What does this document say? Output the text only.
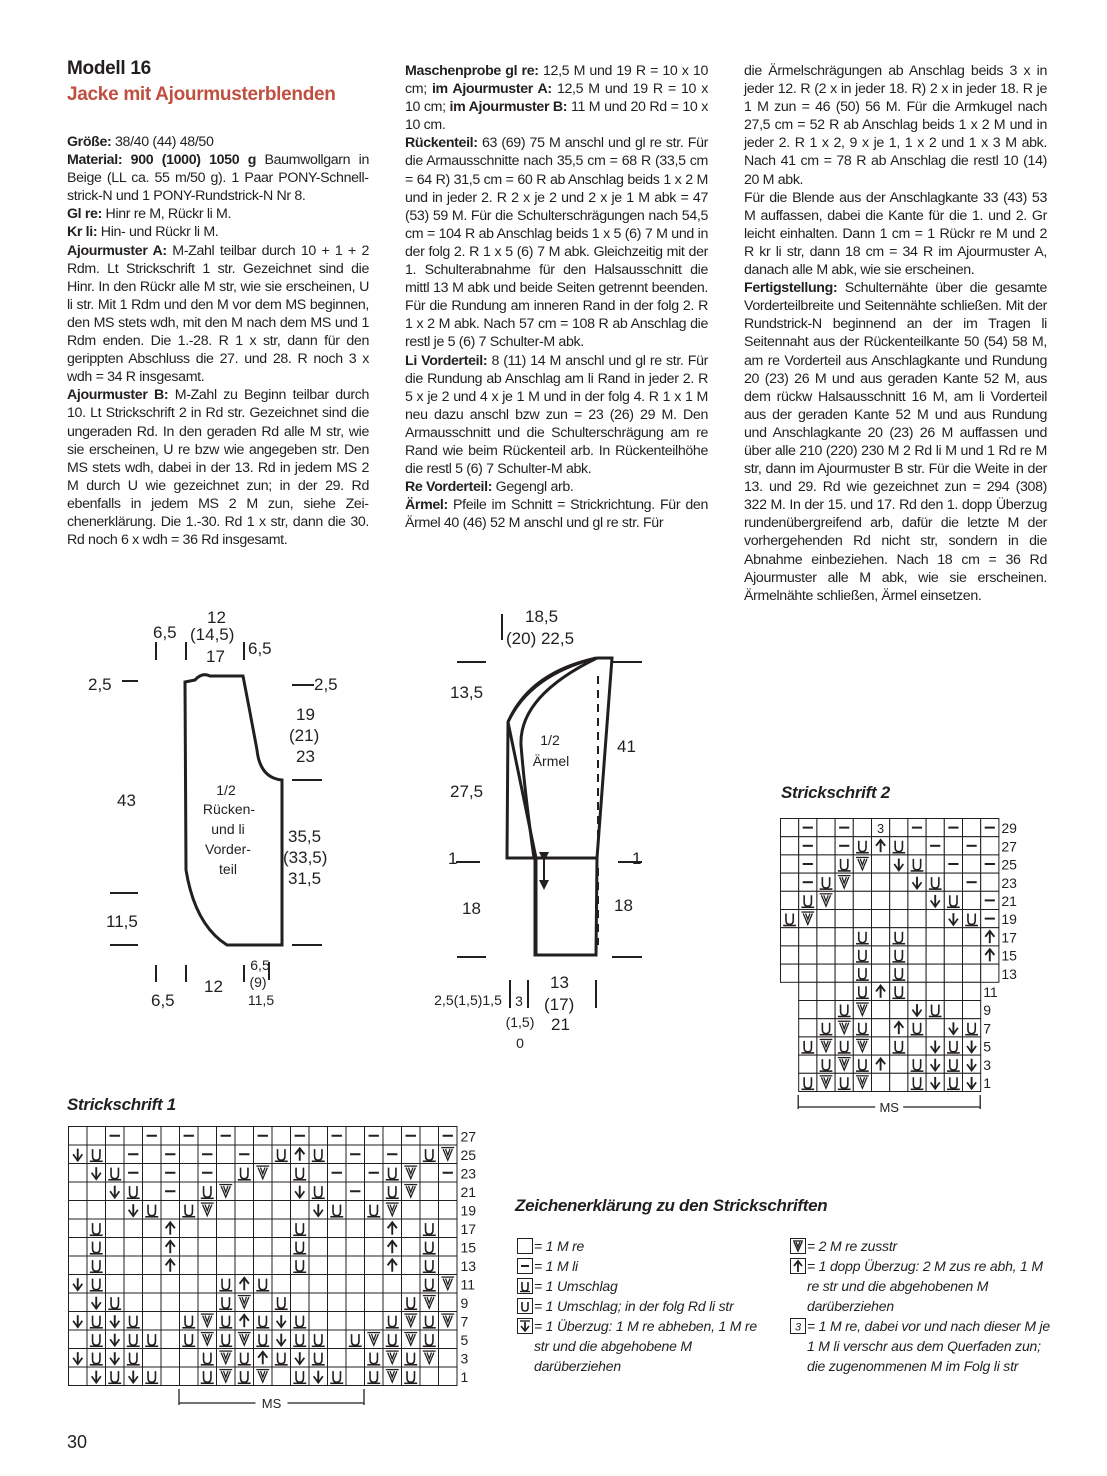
Modell 16
Jacke mit Ajourmusterblenden

Größe: 38/40 (44) 48/50
Material: 900 (1000) 1050 g Baumwollgarn in Beige (LL ca. 55 m/50 g). 1 Paar PONY-Schnellstrick-N und 1 PONY-Rundstrick-N Nr 8.
Gl re: Hinr re M, Rückr li M.
Kr li: Hin- und Rückr li M.
Ajourmuster A: M-Zahl teilbar durch 10 + 1 + 2 Rdm. Lt Strickschrift 1 str. Gezeichnet sind die Hinr. In den Rückr alle M str, wie sie erscheinen, U li str. Mit 1 Rdm und den M vor dem MS beginnen, den MS stets wdh, mit den M nach dem MS und 1 Rdm enden. Die 1.-28. R 1 x str, dann für den gerippten Abschluss die 27. und 28. R noch 3 x wdh = 34 R insgesamt.
Ajourmuster B: M-Zahl zu Beginn teilbar durch 10. Lt Strickschrift 2 in Rd str. Gezeichnet sind die ungeraden Rd. In den geraden Rd alle M str, wie sie erscheinen, U re bzw wie angegeben str. Den MS stets wdh, dabei in der 13. Rd in jedem MS 2 M durch U wie gezeichnet zun; in der 29. Rd ebenfalls in jedem MS 2 M zun, siehe Zeichenerklärung. Die 1.-30. Rd 1 x str, dann die 30. Rd noch 6 x wdh = 36 Rd insgesamt.

Maschenprobe gl re: 12,5 M und 19 R = 10 x 10 cm; im Ajourmuster A: 12,5 M und 19 R = 10 x 10 cm; im Ajourmuster B: 11 M und 20 Rd = 10 x 10 cm.
Rückenteil: 63 (69) 75 M anschl und gl re str. Für die Armausschnitte nach 35,5 cm = 68 R (33,5 cm = 64 R) 31,5 cm = 60 R ab Anschlag beids 1 x 2 M und in jeder 2. R 2 x je 2 und 2 x je 1 M abk = 47 (53) 59 M. Für die Schulterschrägungen nach 54,5 cm = 104 R ab Anschlag beids 1 x 5 (6) 7 M und in der folg 2. R 1 x 5 (6) 7 M abk. Gleichzeitig mit der 1. Schulterabnahme für den Halsausschnitt die mittl 13 M abk und beide Seiten getrennt beenden. Für die Rundung am inneren Rand in der folg 2. R 1 x 2 M abk. Nach 57 cm = 108 R ab Anschlag die restl je 5 (6) 7 Schulter-M abk.
Li Vorderteil: 8 (11) 14 M anschl und gl re str. Für die Rundung ab Anschlag am li Rand in jeder 2. R 5 x je 2 und 4 x je 1 M und in der folg 4. R 1 x 1 M neu dazu anschl bzw zun = 23 (26) 29 M. Den Armausschnitt und die Schulterschrägung am re Rand wie beim Rückenteil arb. In Rückenteilhöhe die restl 5 (6) 7 Schulter-M abk.
Re Vorderteil: Gegengl arb.
Ärmel: Pfeile im Schnitt = Strickrichtung. Für den Ärmel 40 (46) 52 M anschl und gl re str. Für

die Ärmelschrägungen ab Anschlag beids 3 x in jeder 12. R (2 x in jeder 18. R) 2 x in jeder 18. R je 1 M zun = 46 (50) 56 M. Für die Armkugel nach 27,5 cm = 52 R ab Anschlag beids 1 x 2 M und in jeder 2. R 1 x 2, 9 x je 1, 1 x 2 und 1 x 3 M abk. Nach 41 cm = 78 R ab Anschlag die restl 10 (14) 20 M abk.
Für die Blende aus der Anschlagkante 33 (43) 53 M auffassen, dabei die Kante für die 1. und 2. Gr leicht einhalten. Dann 1 cm = 1 Rückr re M und 2 R kr li str, dann 18 cm = 34 R im Ajourmuster A, danach alle M abk, wie sie erscheinen.
Fertigstellung: Schulternähte über die gesamte Vorderteilbreite und Seitennähte schließen. Mit der Rundstrick-N beginnend an der im Tragen li Seitennaht aus der Rückenteilkante 50 (54) 58 M, am re Vorderteil aus Anschlagkante und Rundung 20 (23) 26 M und aus geraden Kante 52 M, aus dem rückw Halsausschnitt 16 M, am li Vorderteil aus der geraden Kante 52 M und aus Rundung und Anschlagkante 20 (23) 26 M auffassen und über alle 210 (220) 230 M 2 Rd li M und 1 Rd re M str, dann im Ajourmuster B str. Für die Weite in der 13. und 29. Rd wie gezeichnet zun = 294 (308) 322 M. In der 15. und 17. Rd den 1. dopp Überzug rundenübergreifend arb, dafür die letzte M der vorhergehenden Rd nicht str, sondern in die Abnahme einbeziehen. Nach 18 cm = 36 Rd Ajourmuster alle M abk, wie sie erscheinen. Ärmelnähte schließen, Ärmel einsetzen.

12
(14,5)
17
6,5
6,5
2,5	2,5
19
(21)
23
43
35,5
(33,5)
31,5
11,5
6,5
12
1/2
Rücken-
und li
Vorder-
teil
6,5
(9)
11,5
18,5
(20) 22,5
13,5
27,5
41
1	1
18	18
13
(17)
21
1/2
Ärmel
2,5(1,5)1,5 3
(1,5)
0
Strickschrift 2
3	29
27
25
23
21
19
17
15
13
11
9
7
5
3
1
MS
Strickschrift 1
27
25
23
21
19
17
15
13
11
9
7
5
3
1
MS
Zeichenerklärung zu den Strickschriften
= 1 M re
= 1 M li
= 1 Umschlag
= 1 Umschlag; in der folg Rd li str
= 1 Überzug: 1 M re abheben, 1 M re str und die abgehobene M darüberziehen
= 2 M re zusstr
= 1 dopp Überzug: 2 M zus re abh, 1 M re str und die abgehobenen M darüberziehen
3 = 1 M re, dabei vor und nach dieser M je 1 M li verschr aus dem Querfaden zun; die zugenommenen M im Folg li str
30
